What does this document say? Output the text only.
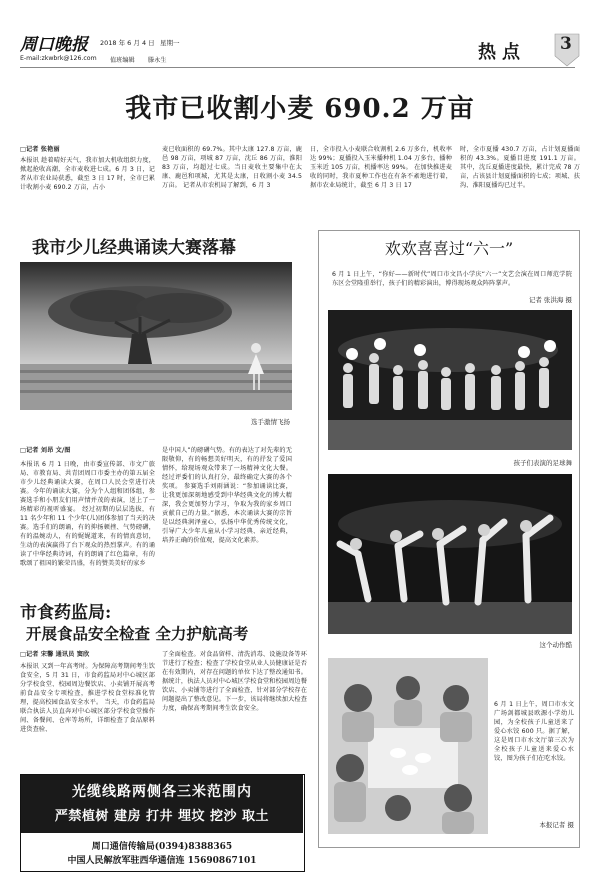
周口晚报 2018 年 6 月 4 日 星期一
E-mail:zkwbrk@126.com 值班编辑 滕永生	热点 3
我市已收割小麦 690.2 万亩
□记者 张艳丽
本报讯 趁着晴好天气，我市加大机收组织力度，掀起抢收高潮，全市麦收进七成。6 月 3 日，记者从市农业局获悉，截至 3 日 17 时，全市已累计收割小麦 690.2 万亩，占小
麦已收面积的 69.7%。其中太康 127.8 万亩，鹿邑 98 万亩，项城 87 万亩，沈丘 86 万亩，淮阳 83 万亩，均超过七成。当日麦收主要集中在太康、鹿邑和项城，尤其是太康，日收割小麦 34.5 万亩。 记者从市农机局了解到，6 月 3
日，全市投入小麦联合收割机 2.6 万多台，机收率达 99%；夏播投入玉米播种机 1.04 万多台，播种玉米近 105 万亩，机播率达 99%。 在加快推进麦收的同时，我市夏种工作也在有条不紊地进行着，据市农业局统计，截至 6 月 3 日 17
时，全市夏播 430.7 万亩，占计划夏播面积的 43.3%。夏播目进度 191.1 万亩。其中，沈丘夏播进度最快，累计完成 78 万亩，占该县计划夏播面积的七成；项城、扶沟、淮阳夏播均已过半。
我市少儿经典诵读大赛落幕
选手激情飞扬
□记者 刘昂 文/图
本报讯 6 月 1 日晚，由市委宣传部、市文广旅局、市教育局、共青团周口市委主办的第五届全市少儿经典诵读大赛，在周口人民会堂进行决赛。今年的诵读大赛，分为个人组和团体组，参赛选手和小朋友们用声情并茂的表演，送上了一场精彩的视听盛宴。 经过初期的层层选拔，有 11 名少年和 11 个少年(儿)团体参加了当天的决赛。选手们的朗诵，有的抑扬顿挫、气势磅礴，有的温婉动人，有的娓娓道来，有的情真意切，生动的表演赢得了台下观众的热烈掌声。有的诵读了中华经典诗词，有的朗诵了红色篇章，有的歌颂了祖国的繁荣昌盛，有的赞美美好的家乡
是中国人”的磅礴气势。有的表达了对先辈的无限敬仰，有的畅想美好明天，有的抒发了爱国情怀，给现场观众带来了一场精神文化大餐。经过评委们的认真打分，最终确定大赛的各个奖项。 参赛选手刘雨涵说：“参加诵读比赛，让我更加深刻地感受到中华经典文化的博大精深，我会更加努力学习，争取为我的家乡周口贡献自己的力量。”据悉，本次诵读大赛的宗旨是以经典润泽童心，弘扬中华优秀传统文化，引导广大少年儿童从小学习经典、亲近经典，培养正确的价值观，提高文化素养。
市食药监局:
开展食品安全检查 全力护航高考
□记者 宋馨 通讯员 窦欣
本报讯 又到一年高考时。为保障高考期间考生饮食安全，5 月 31 日，市食药监局对中心城区部分学校食堂、校园周边餐饮店、小卖铺开展高考前食品安全专项检查，推进学校食堂标准化管理，提高校园食品安全水平。 当天，市食药监局联合执法人员直奔对中心城区部分学校食堂操作间、备餐间、仓库等场所，详细检查了食品原料进货查验、
了全面检查。对食品留样、清洗消毒、设施设备等环节进行了检查；检查了学校食堂从业人员健康证是否在有效期内，对存在问题的单位下达了整改通知书。 据统计，执法人员对中心城区学校食堂和校园周边餐饮店、小卖铺等进行了全面检查，针对部分学校存在问题提出了整改意见。下一步，该局将继续加大检查力度，确保高考期间考生饮食安全。
光缆线路两侧各三米范围内
严禁植树 建房 打井 埋坟 挖沙 取土
周口通信传输局(0394)8388365
中国人民解放军驻西华通信连 15690867101
欢欢喜喜过“六一”
6 月 1 日上午，“你好——新时代”周口市文昌小学庆“六一”文艺会演在周口师范学院东区会堂隆重举行，孩子们的精彩演出，博得现场观众阵阵掌声。
记者 张洪海 摄
孩子们表演的足球舞
这个动作酷
6 月 1 日上午，周口市水文广场剑都城县欧源小学幼儿园，为全校孩子儿童送来了爱心水饺 600 只。据了解，这是周口市水文厅第三次为全校孩子儿童送来爱心水饺，图为孩子们在吃水饺。
本报记者 摄
